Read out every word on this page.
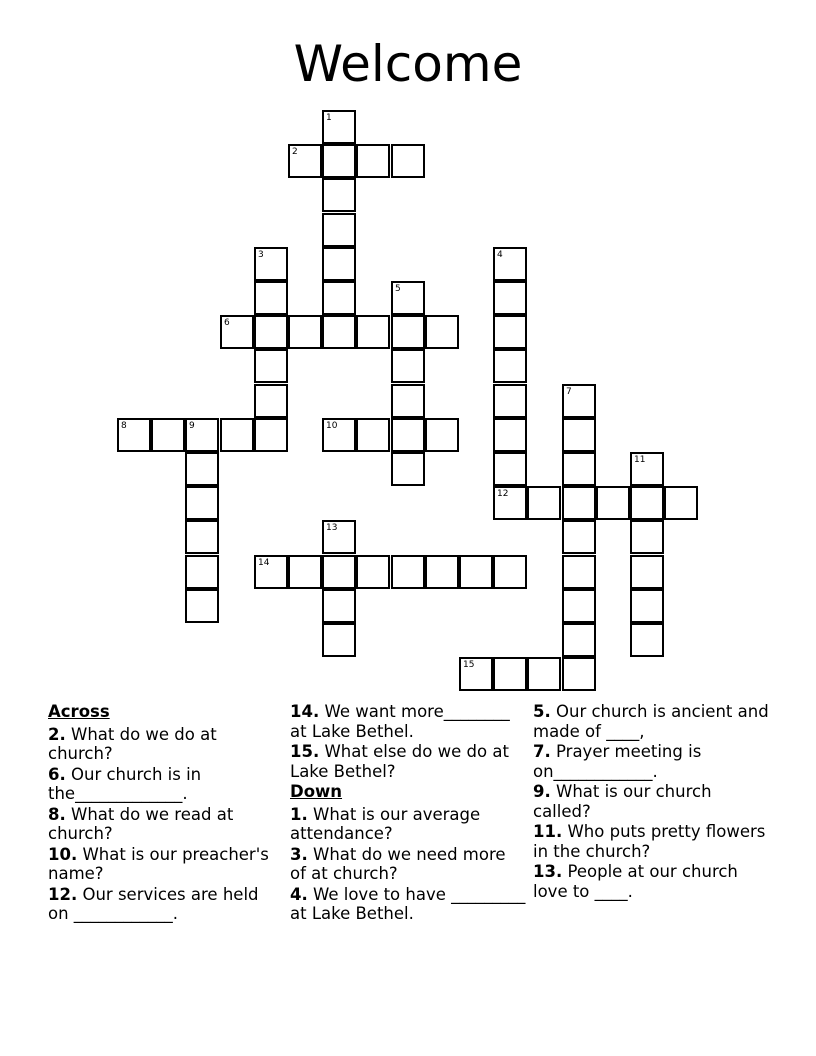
Welcome
1
2
3	4
12
5
6
7
8	9	10
11
13
14
15
Across
2. What do we do at church?
6. Our church is in the_____________.
8. What do we read at church?
10. What is our preacher's name?
12. Our services are held on ____________.
14. We want more________ at Lake Bethel.
15. What else do we do at Lake Bethel?
Down
1. What is our average attendance?
3. What do we need more of at church?
4. We love to have _________ at Lake Bethel.
5. Our church is ancient and made of ____,
7. Prayer meeting is on____________.
9. What is our church called?
11. Who puts pretty flowers in the church?
13. People at our church love to ____.
